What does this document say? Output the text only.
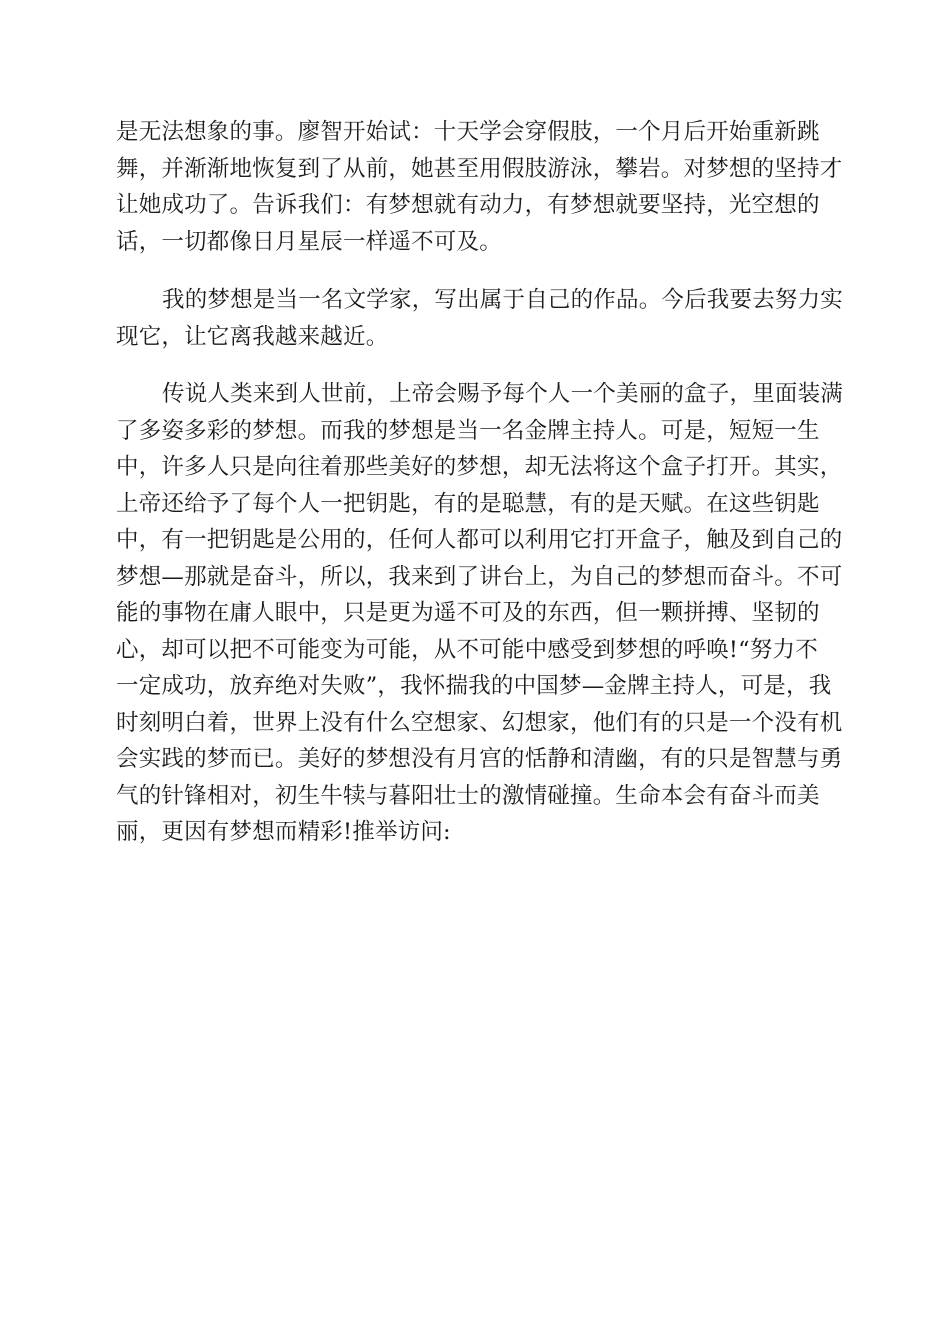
是无法想象的事。廖智开始试：十天学会穿假肢，一个月后开始重新跳
舞，并渐渐地恢复到了从前，她甚至用假肢游泳，攀岩。对梦想的坚持才
让她成功了。告诉我们：有梦想就有动力，有梦想就要坚持，光空想的
话，一切都像日月星辰一样遥不可及。
我的梦想是当一名文学家，写出属于自己的作品。今后我要去努力实
现它，让它离我越来越近。
传说人类来到人世前，上帝会赐予每个人一个美丽的盒子，里面装满
了多姿多彩的梦想。而我的梦想是当一名金牌主持人。可是，短短一生
中，许多人只是向往着那些美好的梦想，却无法将这个盒子打开。其实，
上帝还给予了每个人一把钥匙，有的是聪慧，有的是天赋。在这些钥匙
中，有一把钥匙是公用的，任何人都可以利用它打开盒子，触及到自己的
梦想—那就是奋斗，所以，我来到了讲台上，为自己的梦想而奋斗。不可
能的事物在庸人眼中，只是更为遥不可及的东西，但一颗拼搏、坚韧的
心，却可以把不可能变为可能，从不可能中感受到梦想的呼唤!“努力不
一定成功，放弃绝对失败”，我怀揣我的中国梦—金牌主持人，可是，我
时刻明白着，世界上没有什么空想家、幻想家，他们有的只是一个没有机
会实践的梦而已。美好的梦想没有月宫的恬静和清幽，有的只是智慧与勇
气的针锋相对，初生牛犊与暮阳壮士的激情碰撞。生命本会有奋斗而美
丽，更因有梦想而精彩!推举访问:
